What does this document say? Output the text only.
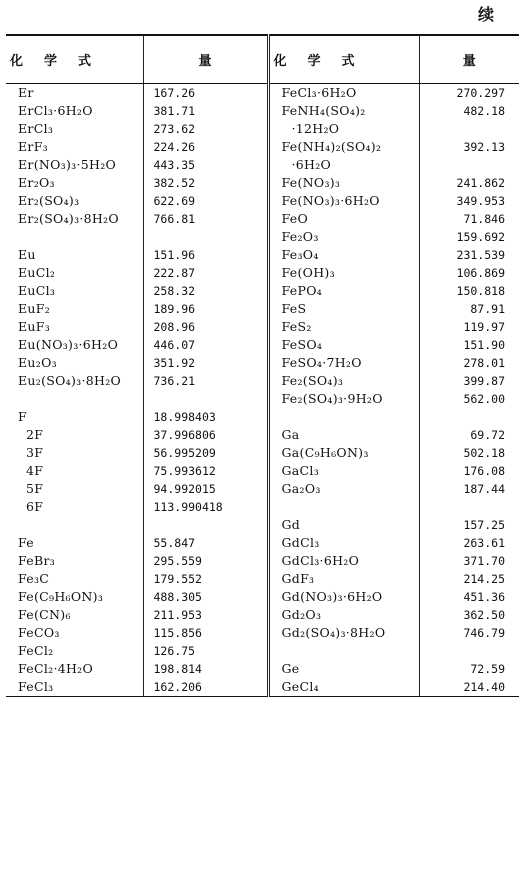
续
化 学 式	量	化 学 式	量
Er	167.26	FeCl₃·6H₂O	270.297
ErCl₃·6H₂O	381.71	FeNH₄(SO₄)₂	482.18
ErCl₃	273.62	·12H₂O	
ErF₃	224.26	Fe(NH₄)₂(SO₄)₂	392.13
Er(NO₃)₃·5H₂O	443.35	·6H₂O	
Er₂O₃	382.52	Fe(NO₃)₃	241.862
Er₂(SO₄)₃	622.69	Fe(NO₃)₃·6H₂O	349.953
Er₂(SO₄)₃·8H₂O	766.81	FeO	71.846
		Fe₂O₃	159.692
Eu	151.96	Fe₃O₄	231.539
EuCl₂	222.87	Fe(OH)₃	106.869
EuCl₃	258.32	FePO₄	150.818
EuF₂	189.96	FeS	87.91
EuF₃	208.96	FeS₂	119.97
Eu(NO₃)₃·6H₂O	446.07	FeSO₄	151.90
Eu₂O₃	351.92	FeSO₄·7H₂O	278.01
Eu₂(SO₄)₃·8H₂O	736.21	Fe₂(SO₄)₃	399.87
		Fe₂(SO₄)₃·9H₂O	562.00
F	18.998403		
2F	37.996806	Ga	69.72
3F	56.995209	Ga(C₉H₆ON)₃	502.18
4F	75.993612	GaCl₃	176.08
5F	94.992015	Ga₂O₃	187.44
6F	113.990418		
		Gd	157.25
Fe	55.847	GdCl₃	263.61
FeBr₃	295.559	GdCl₃·6H₂O	371.70
Fe₃C	179.552	GdF₃	214.25
Fe(C₉H₆ON)₃	488.305	Gd(NO₃)₃·6H₂O	451.36
Fe(CN)₆	211.953	Gd₂O₃	362.50
FeCO₃	115.856	Gd₂(SO₄)₃·8H₂O	746.79
FeCl₂	126.75		
FeCl₂·4H₂O	198.814	Ge	72.59
FeCl₃	162.206	GeCl₄	214.40
